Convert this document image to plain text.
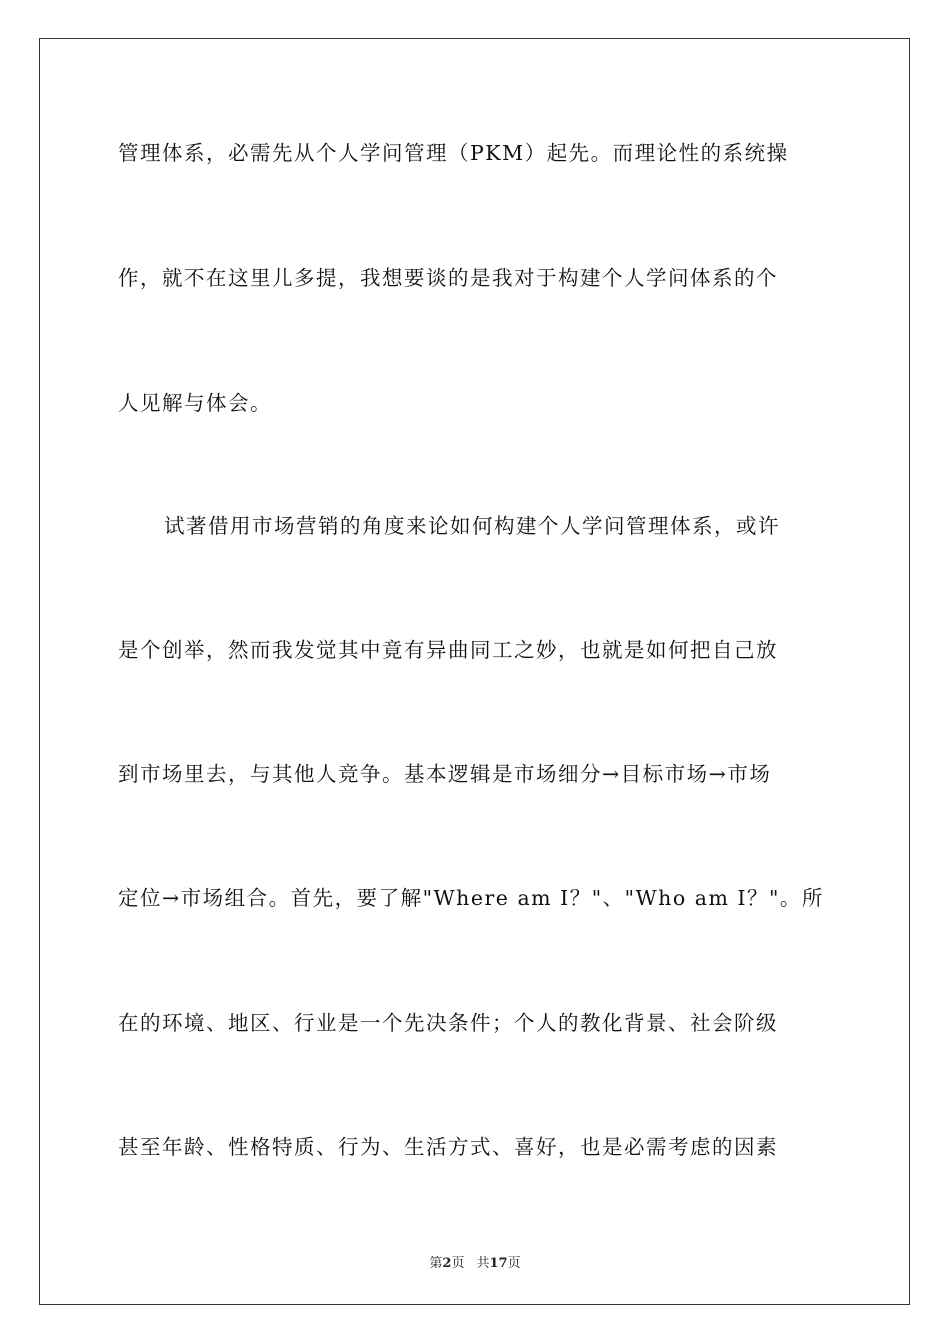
管理体系，必需先从个人学问管理（PKM）起先。而理论性的系统操
作，就不在这里儿多提，我想要谈的是我对于构建个人学问体系的个
人见解与体会。
试著借用市场营销的角度来论如何构建个人学问管理体系，或许
是个创举，然而我发觉其中竟有异曲同工之妙，也就是如何把自己放
到市场里去，与其他人竞争。基本逻辑是市场细分→目标市场→市场
定位→市场组合。首先，要了解"Where am I？"、"Who am I？"。所
在的环境、地区、行业是一个先决条件；个人的教化背景、社会阶级
甚至年龄、性格特质、行为、生活方式、喜好，也是必需考虑的因素
第2页 共17页
